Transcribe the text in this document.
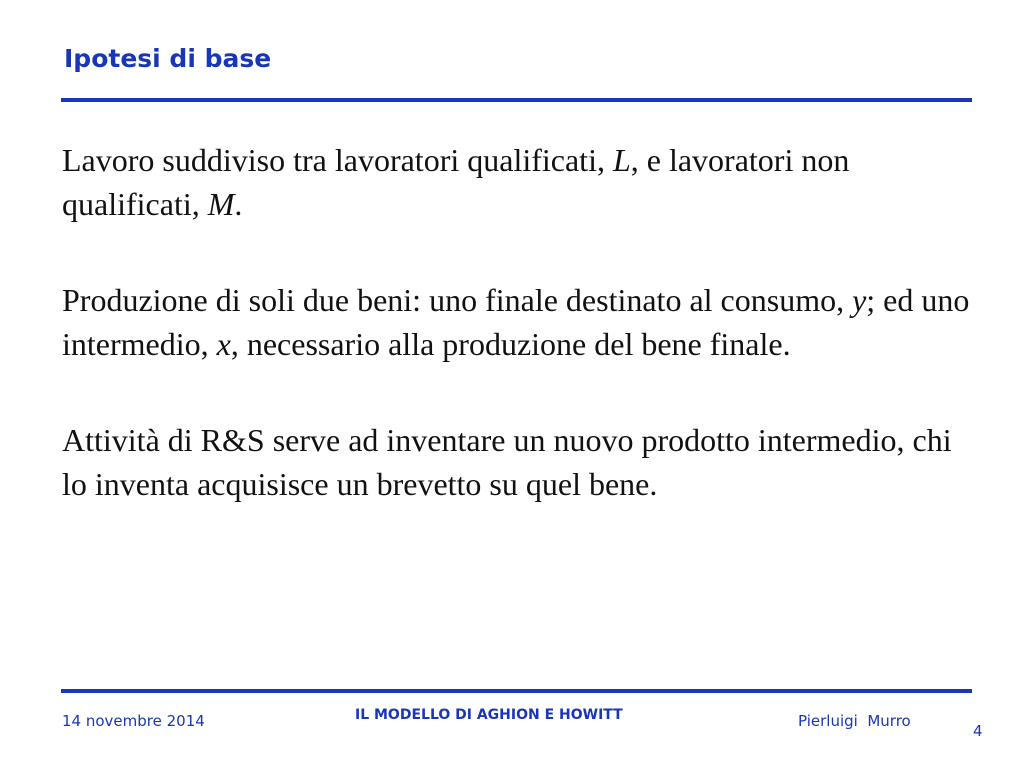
Ipotesi di base

Lavoro suddiviso tra lavoratori qualificati, L, e lavoratori non qualificati, M.

Produzione di soli due beni: uno finale destinato al consumo, y; ed uno intermedio, x, necessario alla produzione del bene finale.

Attività di R&S serve ad inventare un nuovo prodotto intermedio, chi lo inventa acquisisce un brevetto su quel bene.

14 novembre 2014	IL MODELLO DI AGHION E HOWITT	Pierluigi  Murro
4
